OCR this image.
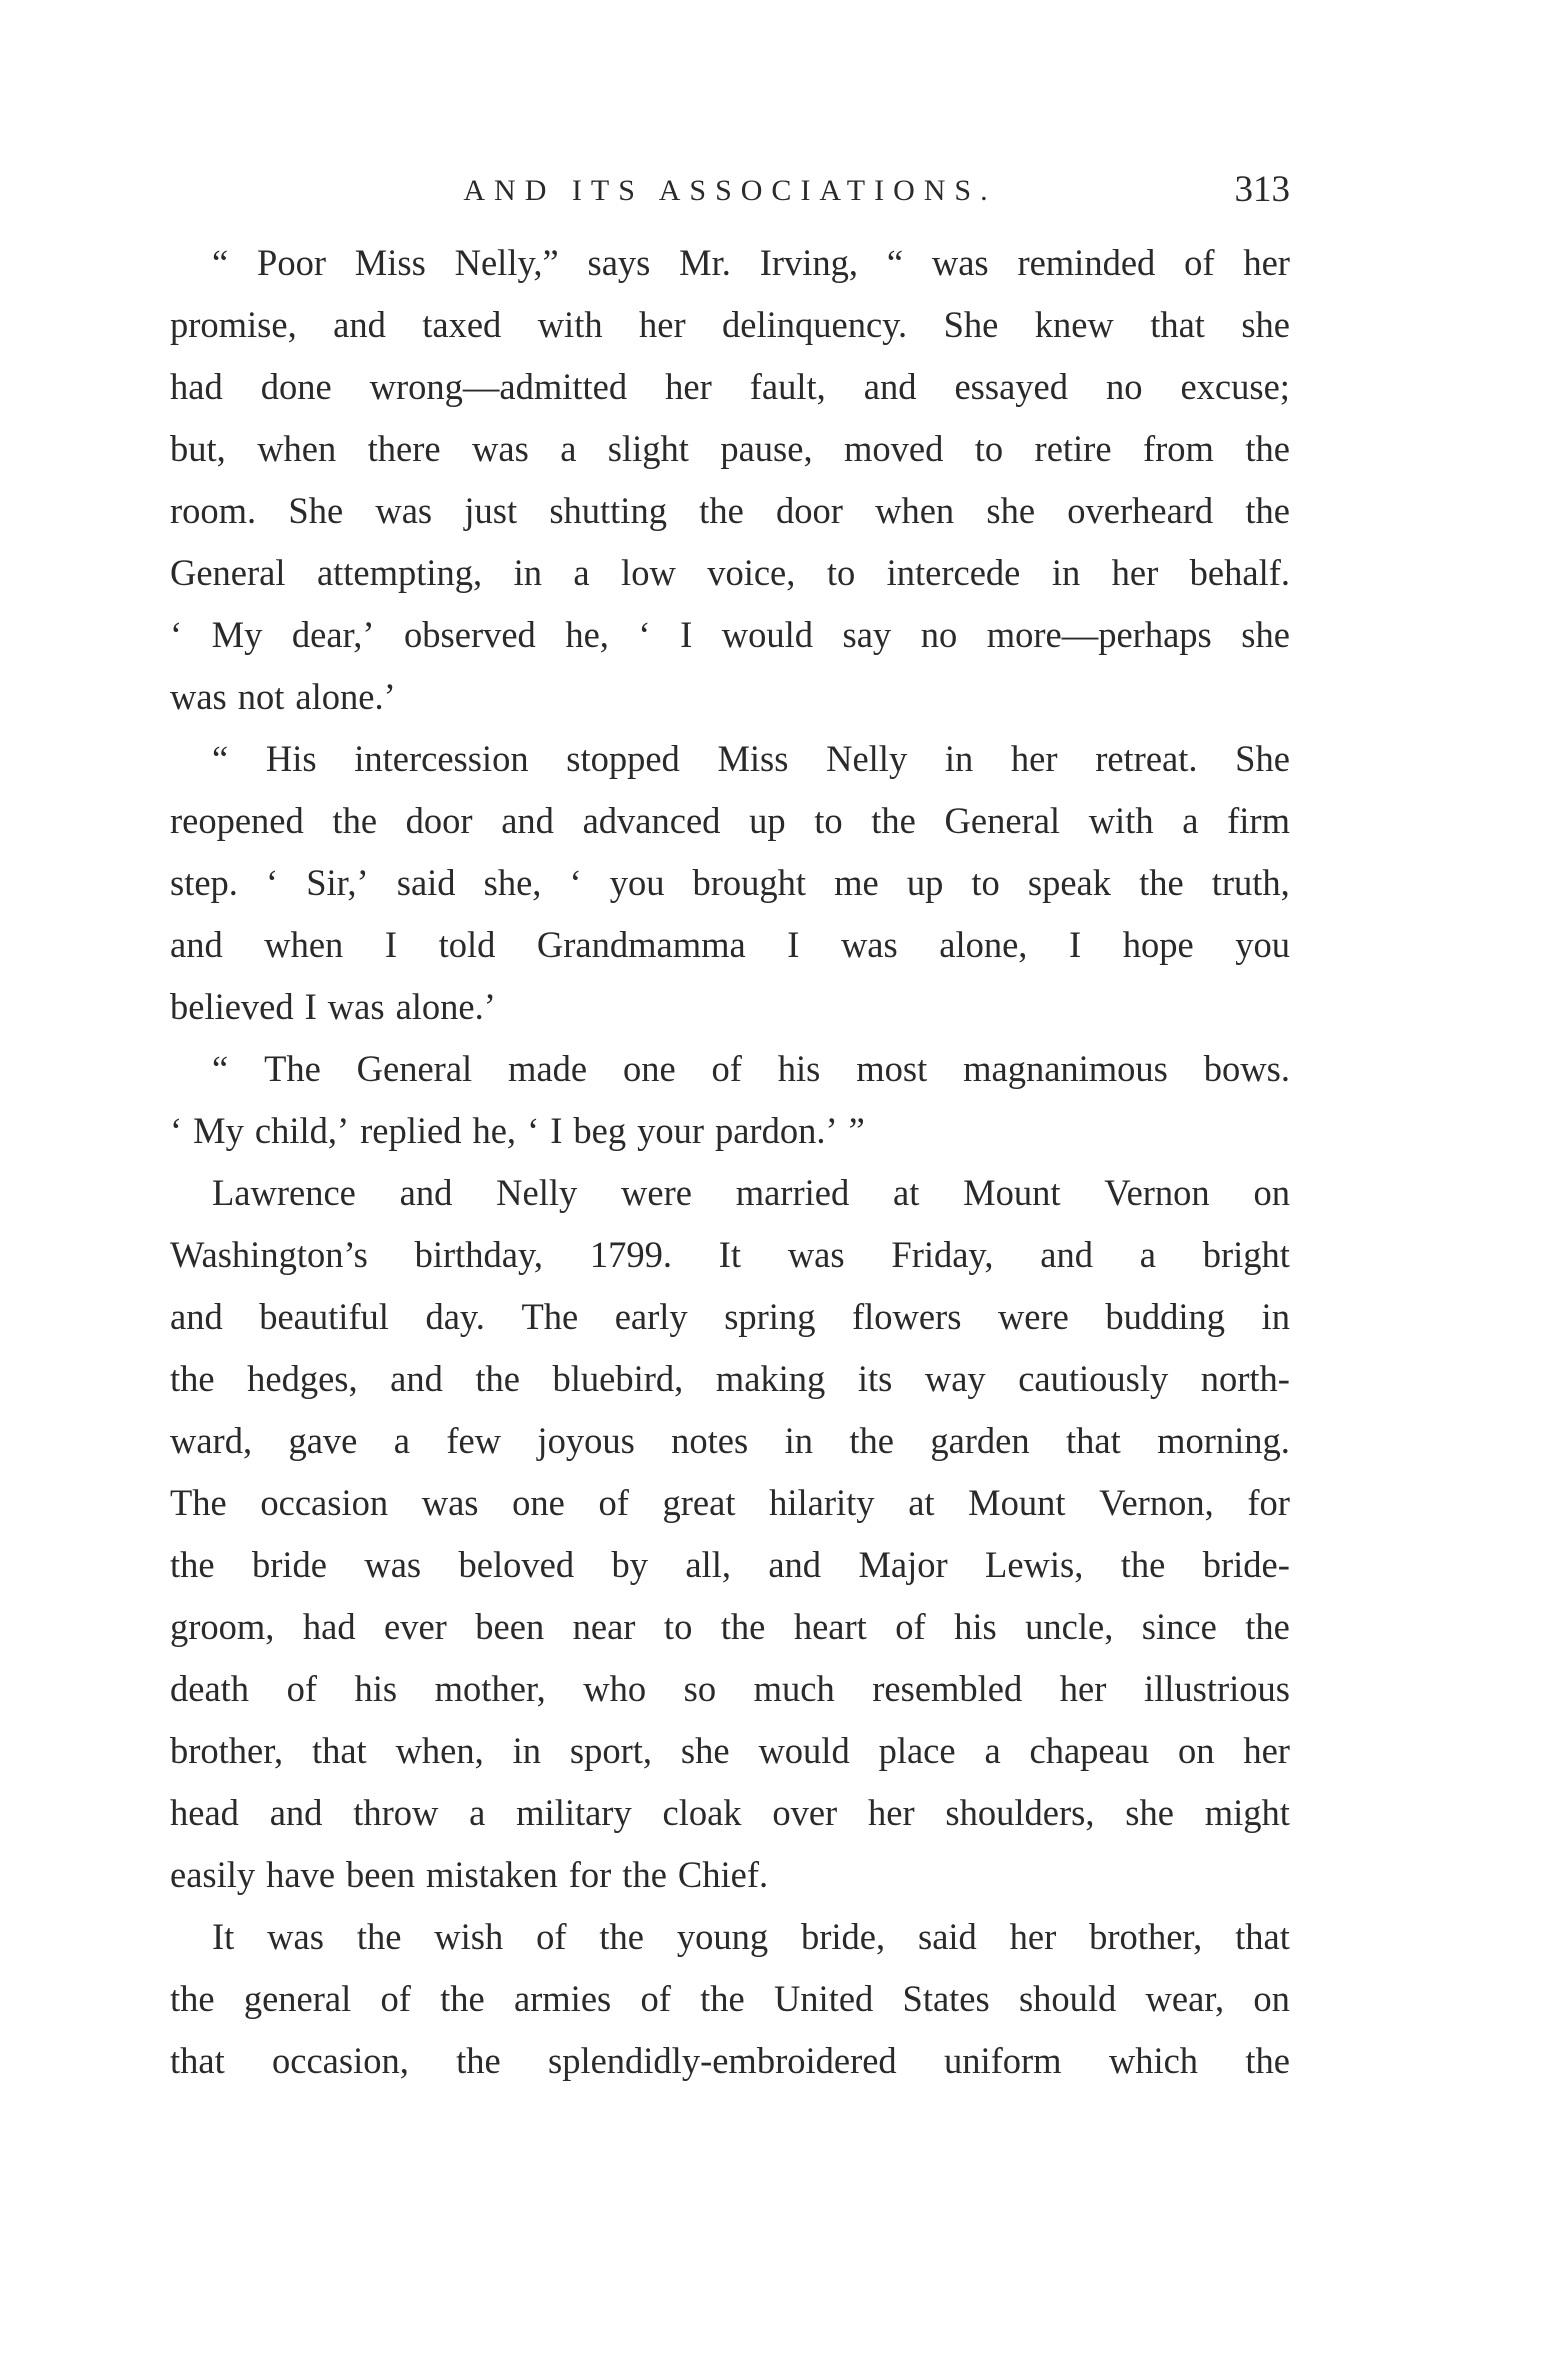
AND ITS ASSOCIATIONS.	313
“ Poor Miss Nelly,” says Mr. Irving, “ was reminded of her
promise, and taxed with her delinquency. She knew that she
had done wrong—admitted her fault, and essayed no excuse;
but, when there was a slight pause, moved to retire from the
room. She was just shutting the door when she overheard the
General attempting, in a low voice, to intercede in her behalf.
‘ My dear,’ observed he, ‘ I would say no more—perhaps she
was not alone.’
“ His intercession stopped Miss Nelly in her retreat. She
reopened the door and advanced up to the General with a firm
step. ‘ Sir,’ said she, ‘ you brought me up to speak the truth,
and when I told Grandmamma I was alone, I hope you
believed I was alone.’
“ The General made one of his most magnanimous bows.
‘ My child,’ replied he, ‘ I beg your pardon.’ ”
Lawrence and Nelly were married at Mount Vernon on
Washington’s birthday, 1799. It was Friday, and a bright
and beautiful day. The early spring flowers were budding in
the hedges, and the bluebird, making its way cautiously north-
ward, gave a few joyous notes in the garden that morning.
The occasion was one of great hilarity at Mount Vernon, for
the bride was beloved by all, and Major Lewis, the bride-
groom, had ever been near to the heart of his uncle, since the
death of his mother, who so much resembled her illustrious
brother, that when, in sport, she would place a chapeau on her
head and throw a military cloak over her shoulders, she might
easily have been mistaken for the Chief.
It was the wish of the young bride, said her brother, that
the general of the armies of the United States should wear, on
that occasion, the splendidly-embroidered uniform which the
